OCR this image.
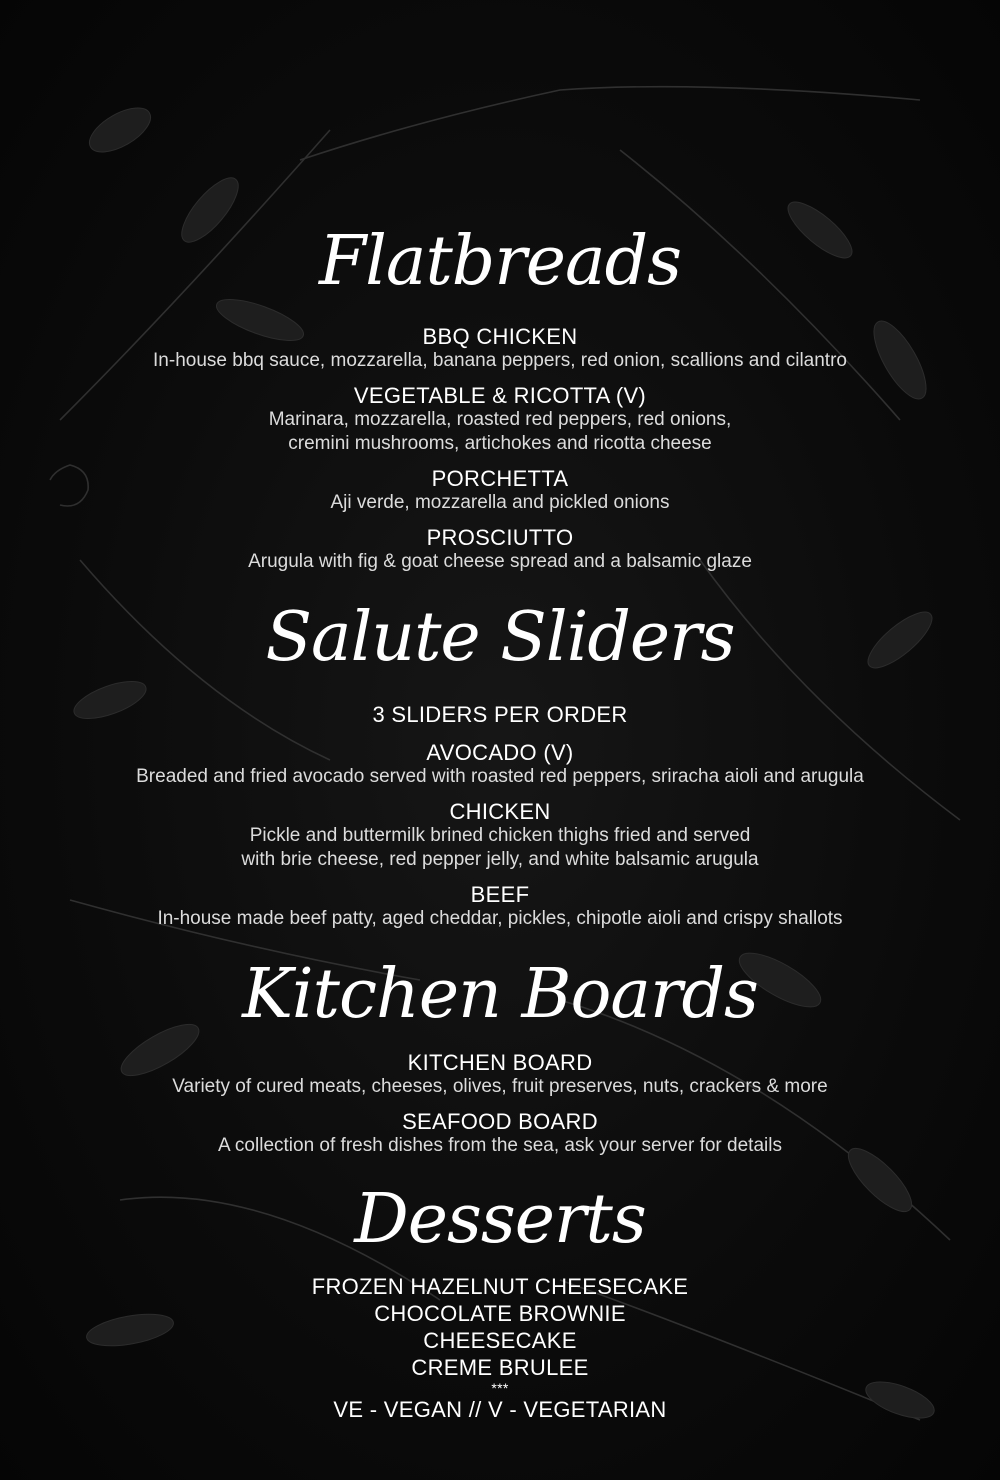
Flatbreads
BBQ CHICKEN
In-house bbq sauce, mozzarella, banana peppers, red onion, scallions and cilantro
VEGETABLE & RICOTTA (V)
Marinara, mozzarella, roasted red peppers, red onions,
cremini mushrooms, artichokes and ricotta cheese
PORCHETTA
Aji verde, mozzarella and pickled onions
PROSCIUTTO
Arugula with fig & goat cheese spread and a balsamic glaze
Salute Sliders
3 SLIDERS PER ORDER
AVOCADO (V)
Breaded and fried avocado served with roasted red peppers, sriracha aioli and arugula
CHICKEN
Pickle and buttermilk brined chicken thighs fried and served
with brie cheese, red pepper jelly, and white balsamic arugula
BEEF
In-house made beef patty, aged cheddar, pickles, chipotle aioli and crispy shallots
Kitchen Boards
KITCHEN BOARD
Variety of cured meats, cheeses, olives, fruit preserves, nuts, crackers & more
SEAFOOD BOARD
A collection of fresh dishes from the sea, ask your server for details
Desserts
FROZEN HAZELNUT CHEESECAKE
CHOCOLATE BROWNIE
CHEESECAKE
CREME BRULEE
***
VE - VEGAN // V - VEGETARIAN
